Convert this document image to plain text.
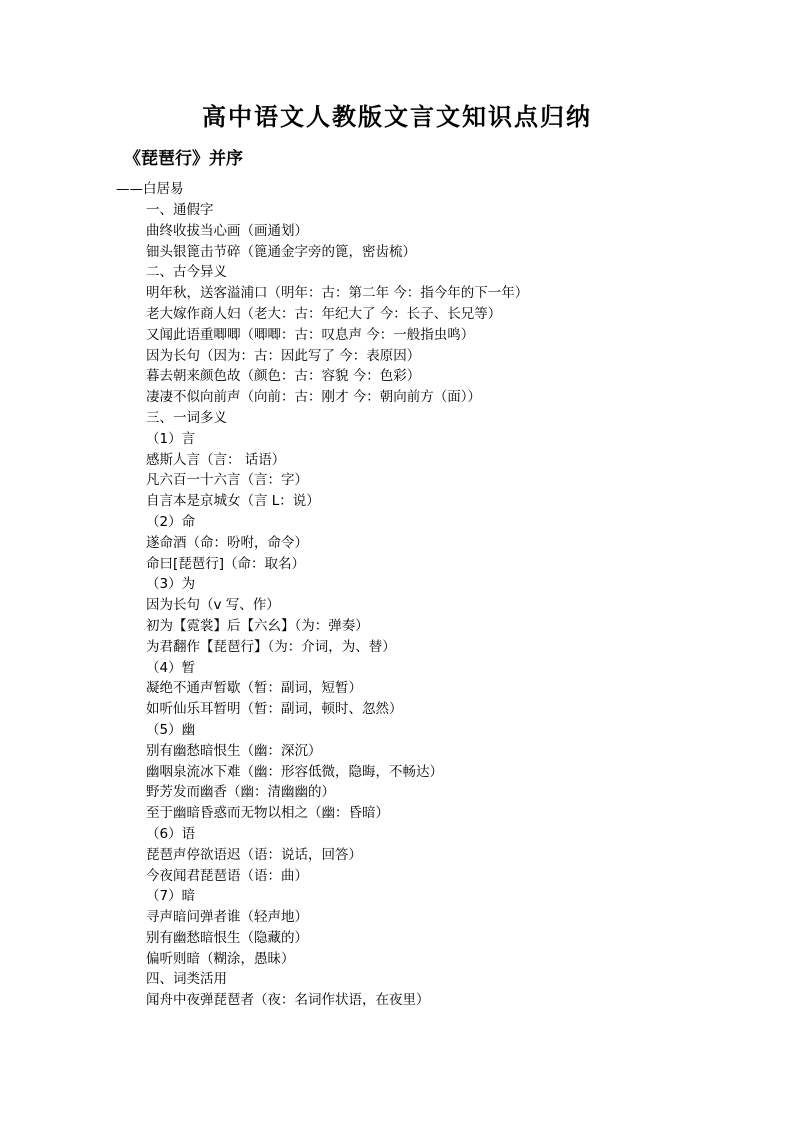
高中语文人教版文言文知识点归纳
《琵琶行》并序
——白居易
一、通假字
曲终收拔当心画（画通划）
钿头银篦击节碎（篦通金字旁的篦，密齿梳）
二、古今异义
明年秋，送客溢浦口（明年：古：第二年 今：指今年的下一年）
老大嫁作商人妇（老大：古：年纪大了 今：长子、长兄等）
又闻此语重唧唧（唧唧：古：叹息声 今：一般指虫鸣）
因为长句（因为：古：因此写了 今：表原因）
暮去朝来颜色故（颜色：古：容貌 今：色彩）
凄凄不似向前声（向前：古：刚才 今：朝向前方（面））
三、一词多义
（1）言
感斯人言（言： 话语）
凡六百一十六言（言：字）
自言本是京城女（言 L：说）
（2）命
遂命酒（命：吩咐，命令）
命曰[琵琶行]（命：取名）
（3）为
因为长句（v 写、作）
初为【霓裳】后【六幺】（为：弹奏）
为君翻作【琵琶行】（为：介词，为、替）
（4）暂
凝绝不通声暂歇（暂：副词，短暂）
如听仙乐耳暂明（暂：副词，顿时、忽然）
（5）幽
别有幽愁暗恨生（幽：深沉）
幽咽泉流冰下难（幽：形容低微，隐晦，不畅达）
野芳发而幽香（幽：清幽幽的）
至于幽暗昏惑而无物以相之（幽：昏暗）
（6）语
琵琶声停欲语迟（语：说话，回答）
今夜闻君琵琶语（语：曲）
（7）暗
寻声暗问弹者谁（轻声地）
别有幽愁暗恨生（隐藏的）
偏听则暗（糊涂，愚昧）
四、词类活用
闻舟中夜弹琵琶者（夜：名词作状语，在夜里）
